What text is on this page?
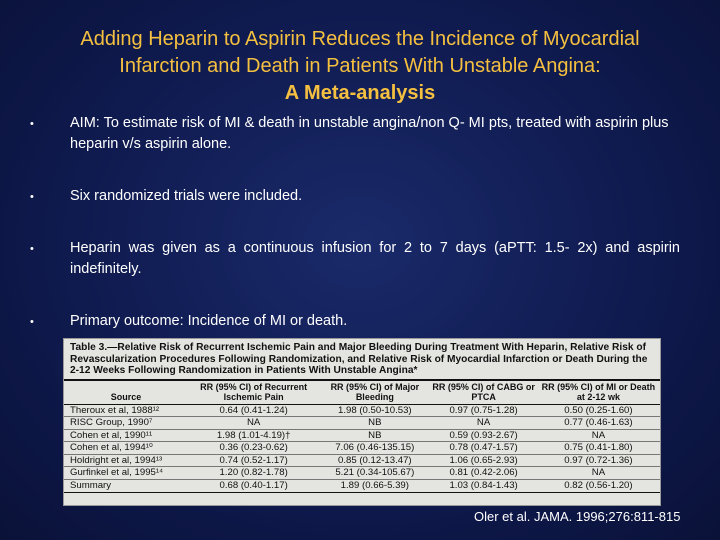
Adding Heparin to Aspirin Reduces the Incidence of Myocardial
Infarction and Death in Patients With Unstable Angina:

A Meta-analysis
•	AIM: To estimate risk of MI & death in unstable angina/non Q- MI pts, treated with aspirin plus heparin v/s aspirin alone.
•	Six randomized trials were included.
•	Heparin was given as a continuous infusion for 2 to 7 days (aPTT: 1.5- 2x) and aspirin indefinitely.
•	Primary outcome: Incidence of MI or death.
Table 3.—Relative Risk of Recurrent Ischemic Pain and Major Bleeding During Treatment With Heparin, Relative Risk of Revascularization Procedures Following Randomization, and Relative Risk of Myocardial Infarction or Death During the 2-12 Weeks Following Randomization in Patients With Unstable Angina*
Source	RR (95% CI) of Recurrent Ischemic Pain	RR (95% CI) of Major Bleeding	RR (95% CI) of CABG or PTCA	RR (95% CI) of MI or Death at 2-12 wk
Theroux et al, 1988¹²	0.64 (0.41-1.24)	1.98 (0.50-10.53)	0.97 (0.75-1.28)	0.50 (0.25-1.60)
RISC Group, 1990⁷	NA	NB	NA	0.77 (0.46-1.63)
Cohen et al, 1990¹¹	1.98 (1.01-4.19)†	NB	0.59 (0.93-2.67)	NA
Cohen et al, 1994¹⁰	0.36 (0.23-0.62)	7.06 (0.46-135.15)	0.78 (0.47-1.57)	0.75 (0.41-1.80)
Holdright et al, 1994¹³	0.74 (0.52-1.17)	0.85 (0.12-13.47)	1.06 (0.65-2.93)	0.97 (0.72-1.36)
Gurfinkel et al, 1995¹⁴	1.20 (0.82-1.78)	5.21 (0.34-105.67)	0.81 (0.42-2.06)	NA
Summary	0.68 (0.40-1.17)	1.89 (0.66-5.39)	1.03 (0.84-1.43)	0.82 (0.56-1.20)
Oler et al. JAMA. 1996;276:811-815
